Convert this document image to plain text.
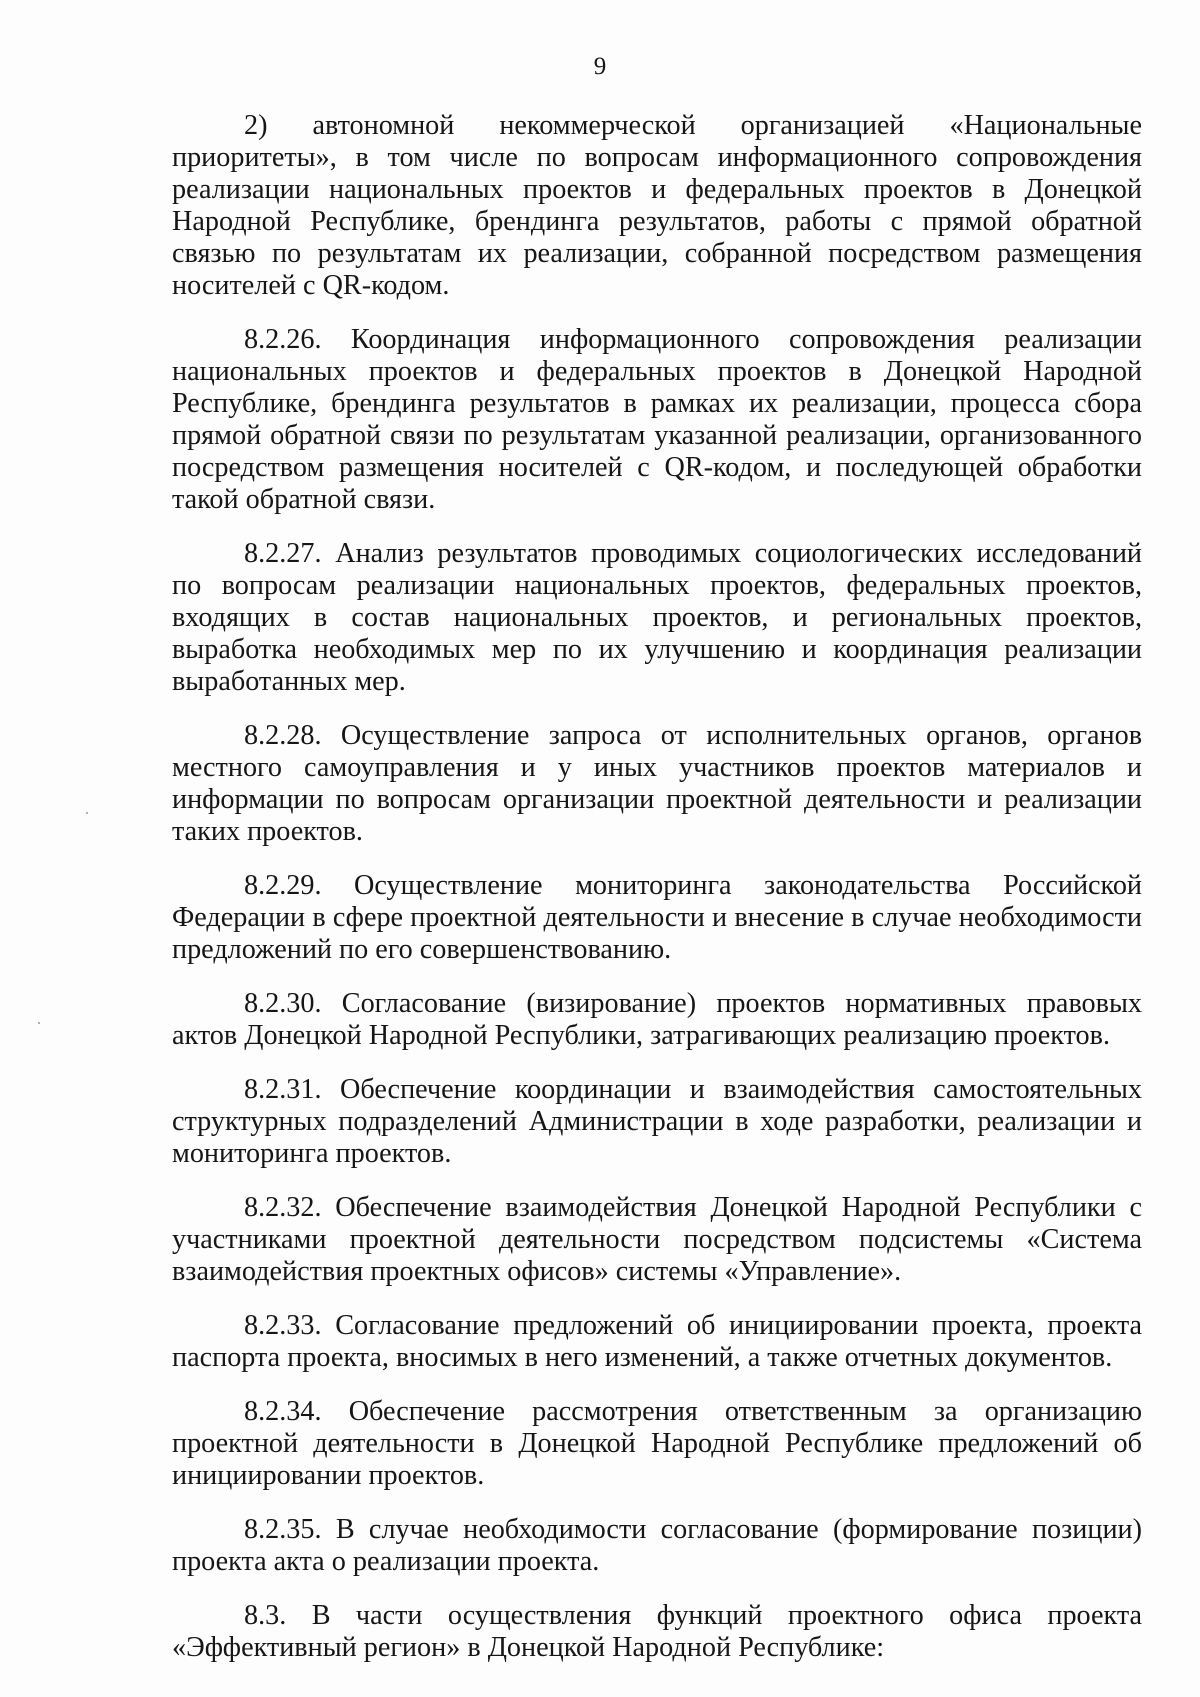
9

2) автономной некоммерческой организацией «Национальные приоритеты», в том числе по вопросам информационного сопровождения реализации национальных проектов и федеральных проектов в Донецкой Народной Республике, брендинга результатов, работы с прямой обратной связью по результатам их реализации, собранной посредством размещения носителей с QR-кодом.

8.2.26. Координация информационного сопровождения реализации национальных проектов и федеральных проектов в Донецкой Народной Республике, брендинга результатов в рамках их реализации, процесса сбора прямой обратной связи по результатам указанной реализации, организованного посредством размещения носителей с QR-кодом, и последующей обработки такой обратной связи.

8.2.27. Анализ результатов проводимых социологических исследований по вопросам реализации национальных проектов, федеральных проектов, входящих в состав национальных проектов, и региональных проектов, выработка необходимых мер по их улучшению и координация реализации выработанных мер.

8.2.28. Осуществление запроса от исполнительных органов, органов местного самоуправления и у иных участников проектов материалов и информации по вопросам организации проектной деятельности и реализации таких проектов.

8.2.29. Осуществление мониторинга законодательства Российской Федерации в сфере проектной деятельности и внесение в случае необходимости предложений по его совершенствованию.

8.2.30. Согласование (визирование) проектов нормативных правовых актов Донецкой Народной Республики, затрагивающих реализацию проектов.

8.2.31. Обеспечение координации и взаимодействия самостоятельных структурных подразделений Администрации в ходе разработки, реализации и мониторинга проектов.

8.2.32. Обеспечение взаимодействия Донецкой Народной Республики с участниками проектной деятельности посредством подсистемы «Система взаимодействия проектных офисов» системы «Управление».

8.2.33. Согласование предложений об инициировании проекта, проекта паспорта проекта, вносимых в него изменений, а также отчетных документов.

8.2.34. Обеспечение рассмотрения ответственным за организацию проектной деятельности в Донецкой Народной Республике предложений об инициировании проектов.

8.2.35. В случае необходимости согласование (формирование позиции) проекта акта о реализации проекта.

8.3. В части осуществления функций проектного офиса проекта «Эффективный регион» в Донецкой Народной Республике:
